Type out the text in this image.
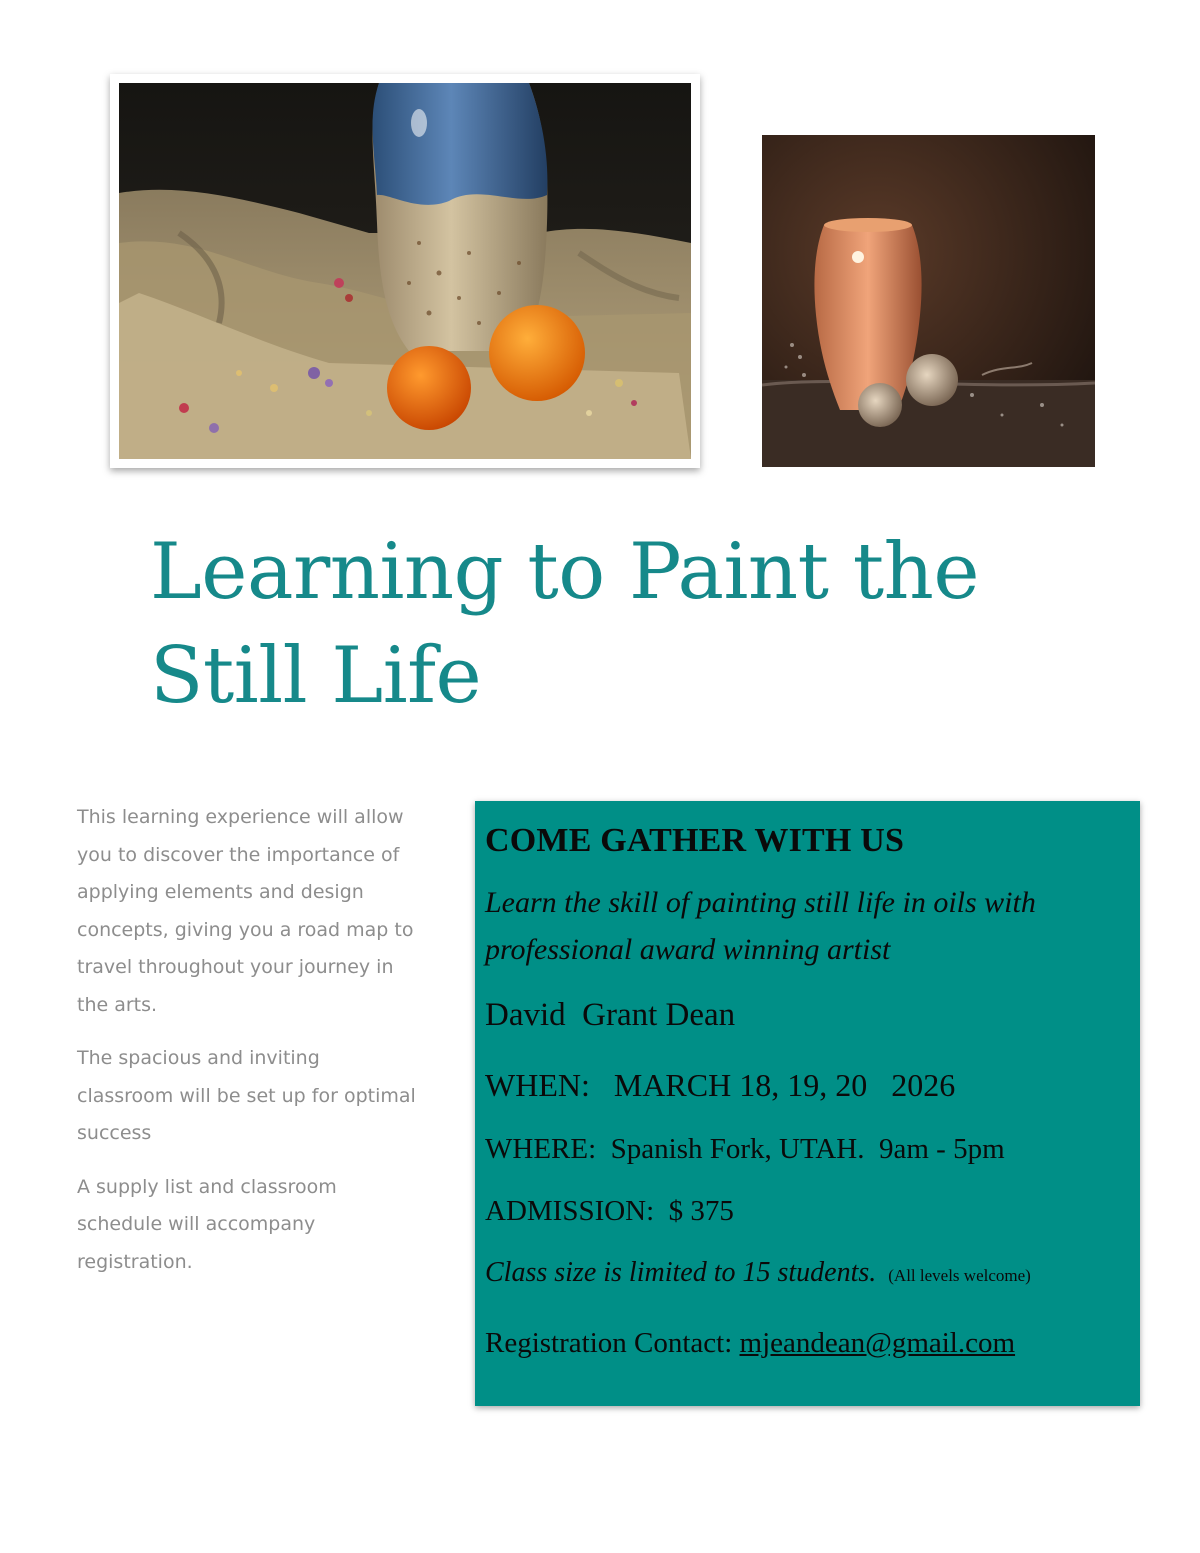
Learning to Paint the
Still Life

This learning experience will allow you to discover the importance of applying elements and design concepts, giving you a road map to travel throughout your journey in the arts.

The spacious and inviting classroom will be set up for optimal success

A supply list and classroom schedule will accompany registration.

COME GATHER WITH US
Learn the skill of painting still life in oils with professional award winning artist
David  Grant Dean
WHEN:   MARCH 18, 19, 20   2026
WHERE:  Spanish Fork, UTAH.  9am - 5pm
ADMISSION:  $ 375
Class size is limited to 15 students. (All levels welcome)
Registration Contact: mjeandean@gmail.com
